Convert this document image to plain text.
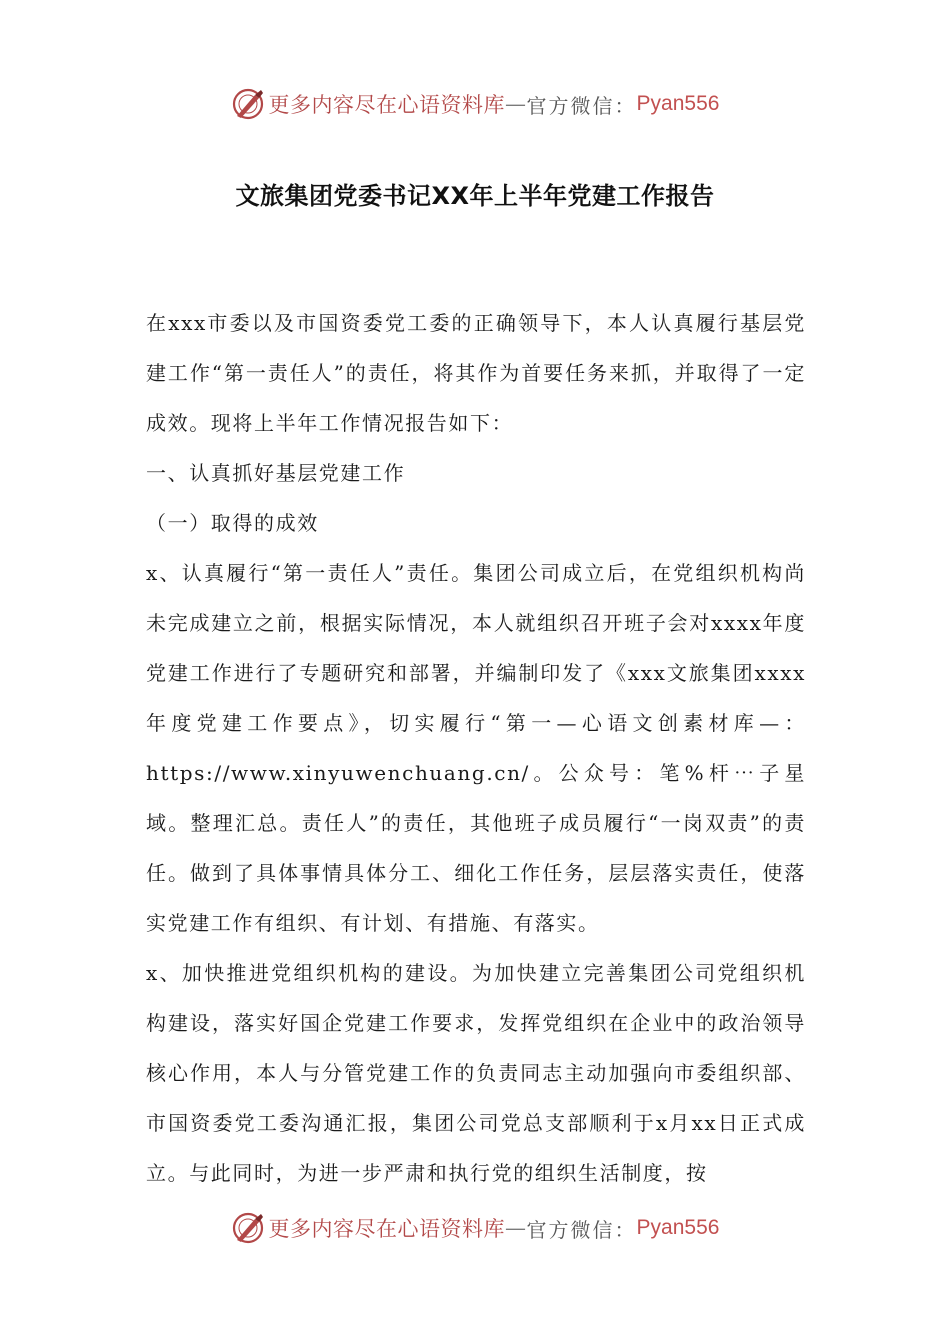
更多内容尽在心语资料库 — 官方微信： Pyan556
文旅集团党委书记XX年上半年党建工作报告

在xxx市委以及市国资委党工委的正确领导下，本人认真履行基层党建工作“第一责任人”的责任，将其作为首要任务来抓，并取得了一定成效。现将上半年工作情况报告如下：

一、认真抓好基层党建工作

（一）取得的成效

x、认真履行“第一责任人”责任。集团公司成立后，在党组织机构尚未完成建立之前，根据实际情况，本人就组织召开班子会对xxxx年度党建工作进行了专题研究和部署，并编制印发了《xxx文旅集团xxxx年度党建工作要点》，切实履行“第一—心语文创素材库—：https://www.xinyuwenchuang.cn/。公众号：笔%杆⋯子星域。整理汇总。责任人”的责任，其他班子成员履行“一岗双责”的责任。做到了具体事情具体分工、细化工作任务，层层落实责任，使落实党建工作有组织、有计划、有措施、有落实。

x、加快推进党组织机构的建设。为加快建立完善集团公司党组织机构建设，落实好国企党建工作要求，发挥党组织在企业中的政治领导核心作用，本人与分管党建工作的负责同志主动加强向市委组织部、市国资委党工委沟通汇报，集团公司党总支部顺利于x月xx日正式成立。与此同时，为进一步严肃和执行党的组织生活制度，按

更多内容尽在心语资料库 — 官方微信： Pyan556
